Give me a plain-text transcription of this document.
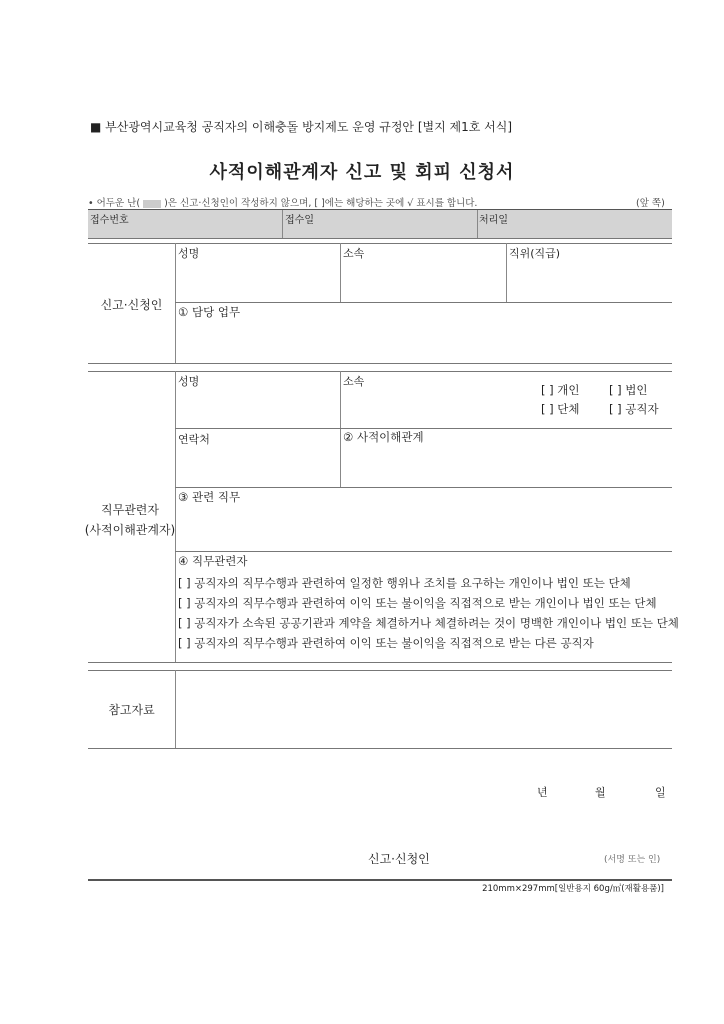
■ 부산광역시교육청 공직자의 이해충돌 방지제도 운영 규정안 [별지 제1호 서식]
사적이해관계자 신고 및 회피 신청서
• 어두운 난(	)은 신고·신청인이 작성하지 않으며, [ ]에는 해당하는 곳에 √ 표시를 합니다.	(앞 쪽)
접수번호	접수일	처리일
신고·신청인
성명	소속	직위(직급)
① 담당 업무
직무관련자
(사적이해관계자)
성명	소속
[ ] 개인	[ ] 법인
[ ] 단체	[ ] 공직자
연락처	② 사적이해관계
③ 관련 직무
④ 직무관련자
[ ] 공직자의 직무수행과 관련하여 일정한 행위나 조치를 요구하는 개인이나 법인 또는 단체
[ ] 공직자의 직무수행과 관련하여 이익 또는 불이익을 직접적으로 받는 개인이나 법인 또는 단체
[ ] 공직자가 소속된 공공기관과 계약을 체결하거나 체결하려는 것이 명백한 개인이나 법인 또는 단체
[ ] 공직자의 직무수행과 관련하여 이익 또는 불이익을 직접적으로 받는 다른 공직자
참고자료
년	월	일
신고·신청인	(서명 또는 인)
210mm×297mm[일반용지 60g/㎡(재활용품)]
